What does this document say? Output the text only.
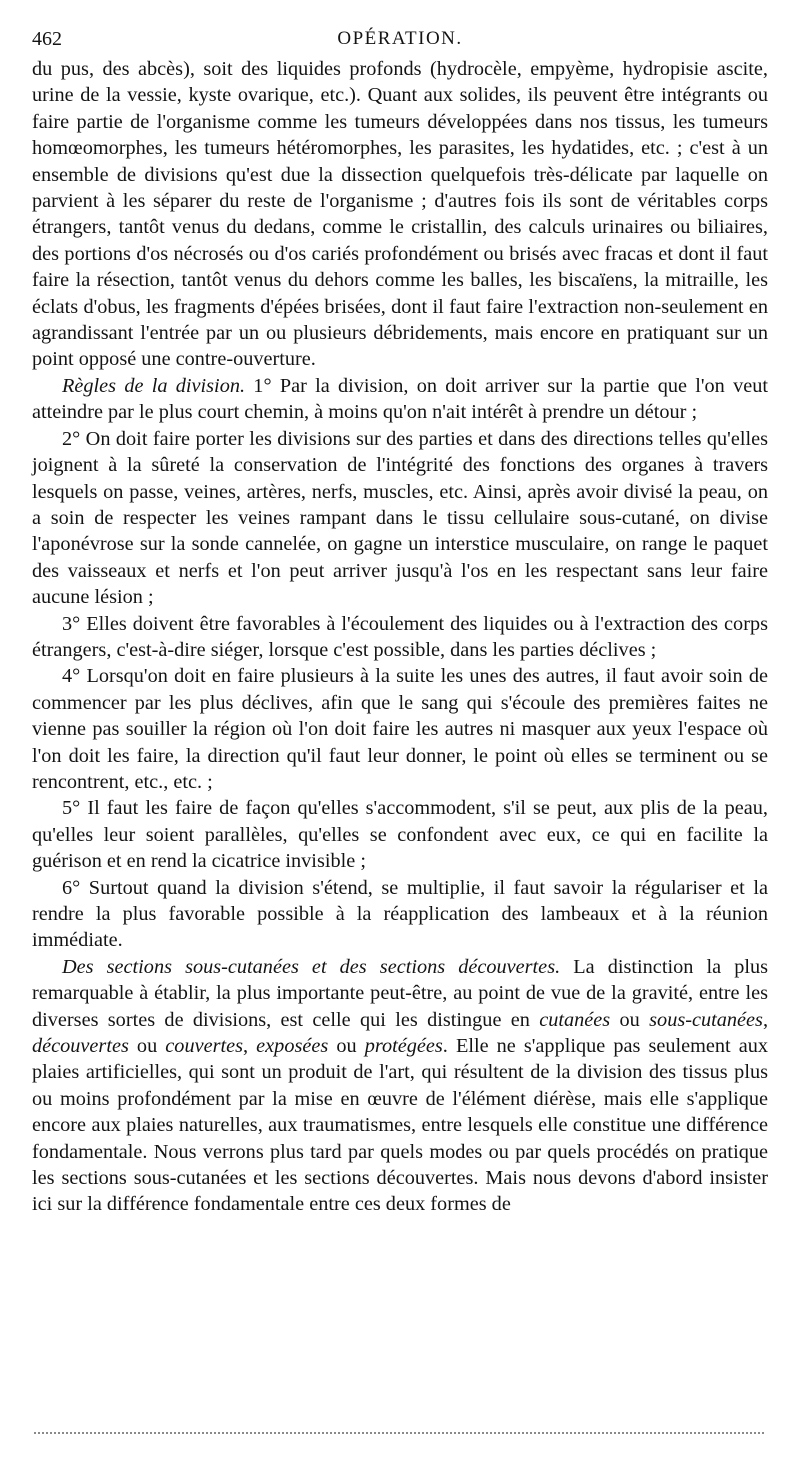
462	OPÉRATION.

du pus, des abcès), soit des liquides profonds (hydrocèle, empyème, hydropisie ascite, urine de la vessie, kyste ovarique, etc.). Quant aux solides, ils peuvent être intégrants ou faire partie de l'organisme comme les tumeurs développées dans nos tissus, les tumeurs homœomorphes, les tumeurs hétéromorphes, les parasites, les hydatides, etc. ; c'est à un ensemble de divisions qu'est due la dissection quelquefois très-délicate par laquelle on parvient à les séparer du reste de l'organisme ; d'autres fois ils sont de véritables corps étrangers, tantôt venus du dedans, comme le cristallin, des calculs urinaires ou biliaires, des portions d'os nécrosés ou d'os cariés profondément ou brisés avec fracas et dont il faut faire la résection, tantôt venus du dehors comme les balles, les biscaïens, la mitraille, les éclats d'obus, les fragments d'épées brisées, dont il faut faire l'extraction non-seulement en agrandissant l'entrée par un ou plusieurs débridements, mais encore en pratiquant sur un point opposé une contre-ouverture.

Règles de la division. 1° Par la division, on doit arriver sur la partie que l'on veut atteindre par le plus court chemin, à moins qu'on n'ait intérêt à prendre un détour ;

2° On doit faire porter les divisions sur des parties et dans des directions telles qu'elles joignent à la sûreté la conservation de l'intégrité des fonctions des organes à travers lesquels on passe, veines, artères, nerfs, muscles, etc. Ainsi, après avoir divisé la peau, on a soin de respecter les veines rampant dans le tissu cellulaire sous-cutané, on divise l'aponévrose sur la sonde cannelée, on gagne un interstice musculaire, on range le paquet des vaisseaux et nerfs et l'on peut arriver jusqu'à l'os en les respectant sans leur faire aucune lésion ;

3° Elles doivent être favorables à l'écoulement des liquides ou à l'extraction des corps étrangers, c'est-à-dire siéger, lorsque c'est possible, dans les parties déclives ;

4° Lorsqu'on doit en faire plusieurs à la suite les unes des autres, il faut avoir soin de commencer par les plus déclives, afin que le sang qui s'écoule des premières faites ne vienne pas souiller la région où l'on doit faire les autres ni masquer aux yeux l'espace où l'on doit les faire, la direction qu'il faut leur donner, le point où elles se terminent ou se rencontrent, etc., etc. ;

5° Il faut les faire de façon qu'elles s'accommodent, s'il se peut, aux plis de la peau, qu'elles leur soient parallèles, qu'elles se confondent avec eux, ce qui en facilite la guérison et en rend la cicatrice invisible ;

6° Surtout quand la division s'étend, se multiplie, il faut savoir la régulariser et la rendre la plus favorable possible à la réapplication des lambeaux et à la réunion immédiate.

Des sections sous-cutanées et des sections découvertes. La distinction la plus remarquable à établir, la plus importante peut-être, au point de vue de la gravité, entre les diverses sortes de divisions, est celle qui les distingue en cutanées ou sous-cutanées, découvertes ou couvertes, exposées ou protégées. Elle ne s'applique pas seulement aux plaies artificielles, qui sont un produit de l'art, qui résultent de la division des tissus plus ou moins profondément par la mise en œuvre de l'élément diérèse, mais elle s'applique encore aux plaies naturelles, aux traumatismes, entre lesquels elle constitue une différence fondamentale. Nous verrons plus tard par quels modes ou par quels procédés on pratique les sections sous-cutanées et les sections découvertes. Mais nous devons d'abord insister ici sur la différence fondamentale entre ces deux formes de
